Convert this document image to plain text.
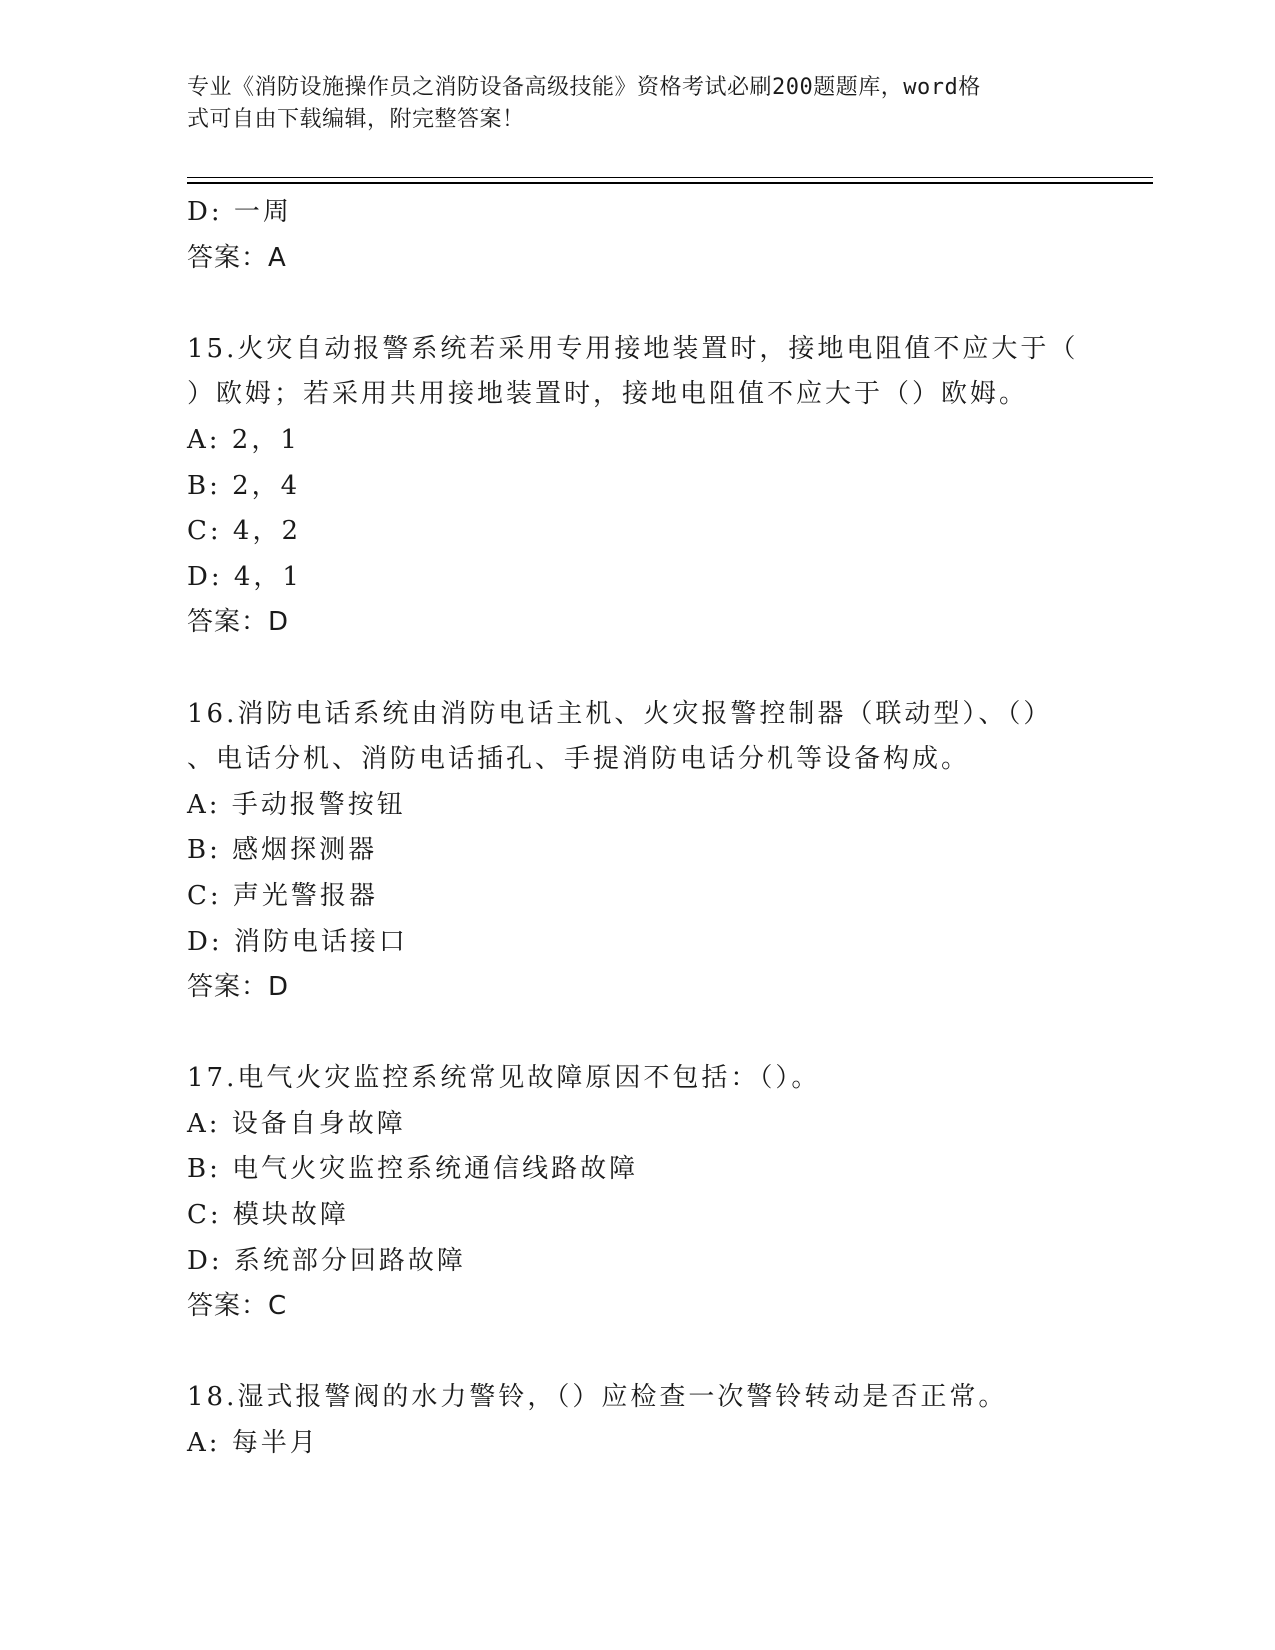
专业《消防设施操作员之消防设备高级技能》资格考试必刷200题题库，word格
式可自由下载编辑，附完整答案！
D: 一周
答案：A
15.火灾自动报警系统若采用专用接地装置时，接地电阻值不应大于（
）欧姆；若采用共用接地装置时，接地电阻值不应大于（）欧姆。
A: 2，1
B: 2，4
C: 4，2
D: 4，1
答案：D
16.消防电话系统由消防电话主机、火灾报警控制器（联动型）、（）
、电话分机、消防电话插孔、手提消防电话分机等设备构成。
A: 手动报警按钮
B: 感烟探测器
C: 声光警报器
D: 消防电话接口
答案：D
17.电气火灾监控系统常见故障原因不包括：（）。
A: 设备自身故障
B: 电气火灾监控系统通信线路故障
C: 模块故障
D: 系统部分回路故障
答案：C
18.湿式报警阀的水力警铃，（）应检查一次警铃转动是否正常。
A: 每半月
